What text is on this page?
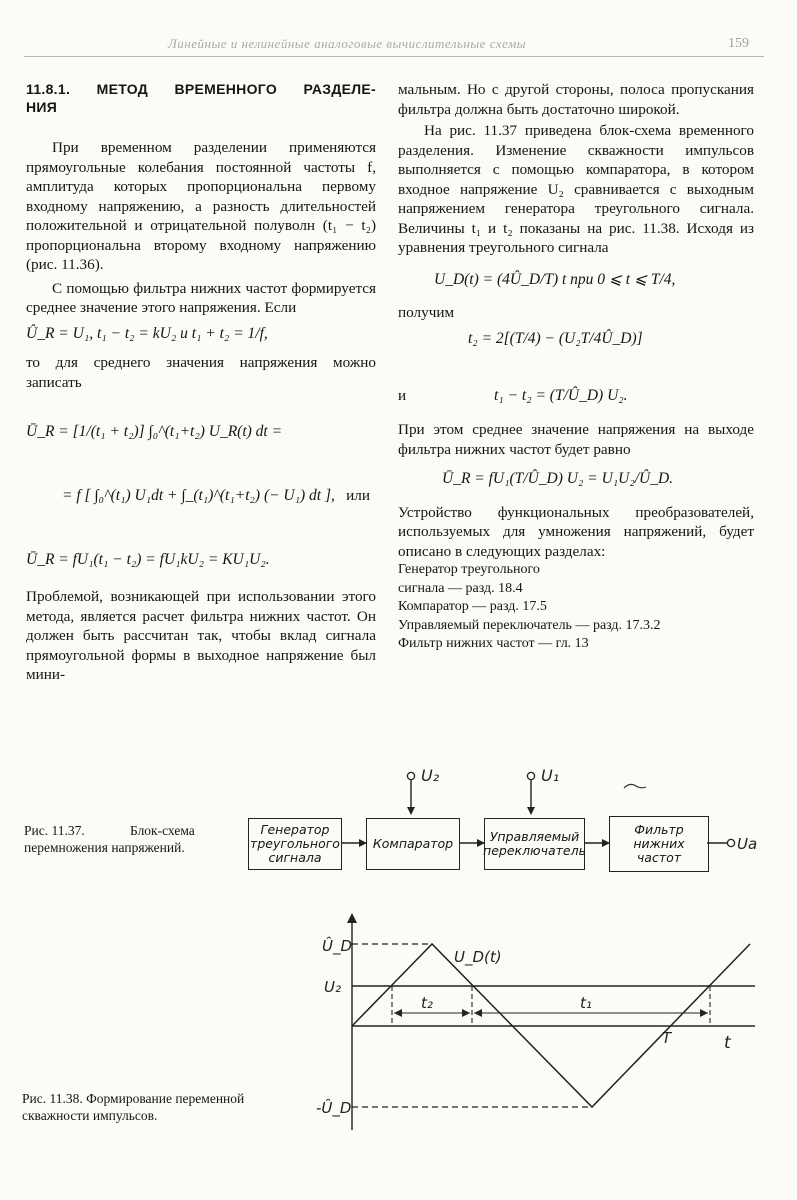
Линейные и нелинейные аналоговые вычислительные схемы	159
11.8.1. МЕТОД ВРЕМЕННОГО РАЗДЕЛЕ-
НИЯ

При временном разделении применяются прямоугольные колебания постоянной частоты f, амплитуда которых пропорциональна первому входному напряжению, а разность длительностей положительной и отрицательной полуволн (t₁ − t₂) пропорциональна второму входному напряжению (рис. 11.36).

С помощью фильтра нижних частот формируется среднее значение этого напряжения. Если

Û_R = U₁, t₁ − t₂ = kU₂ и t₁ + t₂ = 1/f,

то для среднего значения напряжения можно записать

Ū_R = [1/(t₁ + t₂)] ∫₀^(t₁+t₂) U_R(t) dt =
= f [ ∫₀^(t₁) U₁dt + ∫_(t₁)^(t₁+t₂) (− U₁) dt ], или
Ū_R = fU₁(t₁ − t₂) = fU₁kU₂ = KU₁U₂.

Проблемой, возникающей при использовании этого метода, является расчет фильтра нижних частот. Он должен быть рассчитан так, чтобы вклад сигнала прямоугольной формы в выходное напряжение был мини-

мальным. Но с другой стороны, полоса пропускания фильтра должна быть достаточно широкой.

На рис. 11.37 приведена блок-схема временного разделения. Изменение скважности импульсов выполняется с помощью компаратора, в котором входное напряжение U₂ сравнивается с выходным напряжением генератора треугольного сигнала. Величины t₁ и t₂ показаны на рис. 11.38. Исходя из уравнения треугольного сигнала

U_D(t) = (4Û_D/T) t при 0 ⩽ t ⩽ T/4,

получим

t₂ = 2[(T/4) − (U₂T/4Û_D)]
и	t₁ − t₂ = (T/Û_D) U₂.

При этом среднее значение напряжения на выходе фильтра нижних частот будет равно

Ū_R = fU₁(T/Û_D) U₂ = U₁U₂/Û_D.

Устройство функциональных преобразователей, используемых для умножения напряжений, будет описано в следующих разделах:

Генератор треугольного
сигнала — разд. 18.4
Компаратор — разд. 17.5
Управляемый переключатель — разд. 17.3.2
Фильтр нижних частот — гл. 13
Рис. 11.37.	Блок-схема
перемножения напряжений.
U₂	U₁
Ua
Генератор
треугольного
сигнала
Компаратор	Управляемый
переключатель
Фильтр
нижних
частот
Рис. 11.38. Формирование переменной скважности импульсов.
Û_D
U₂
-Û_D
U_D(t)
t₂	t₁
T	t
